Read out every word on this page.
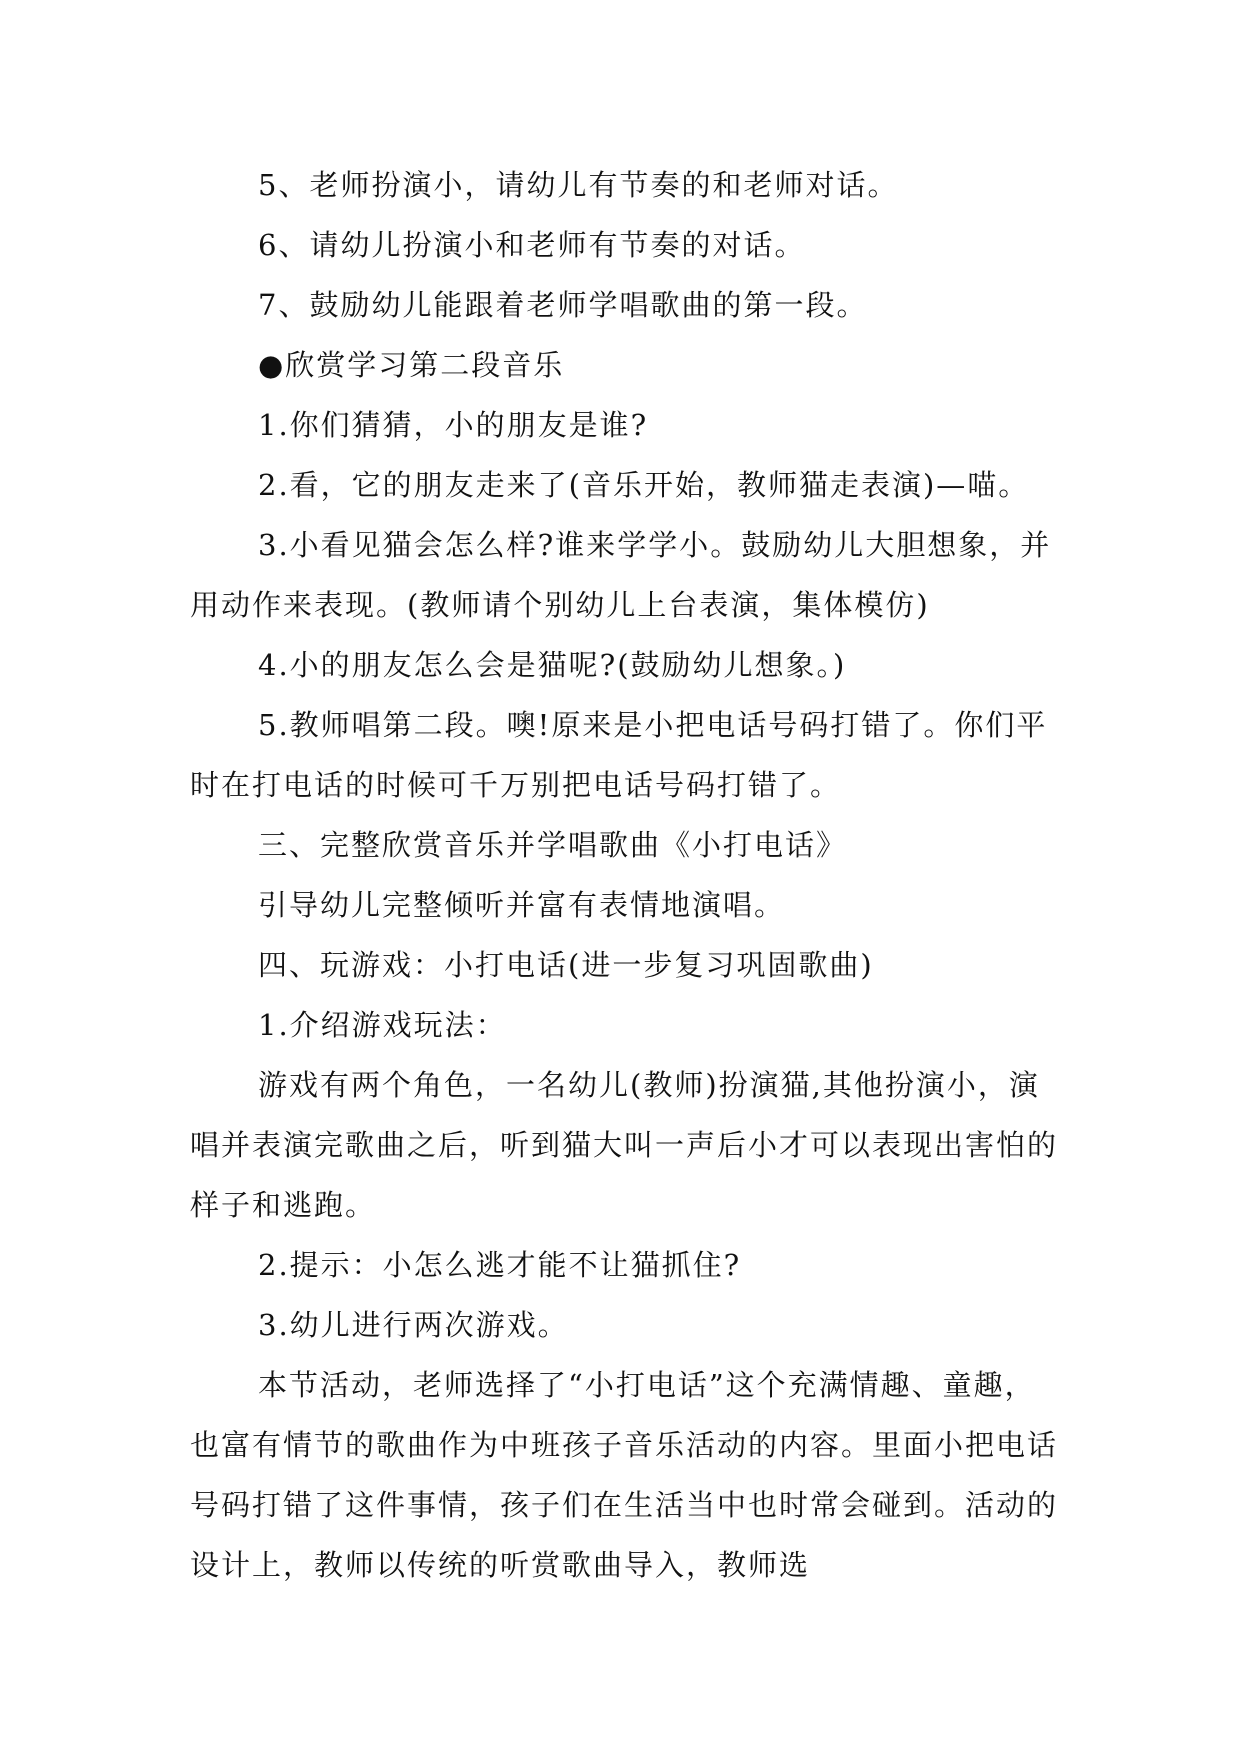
5、老师扮演小，请幼儿有节奏的和老师对话。

6、请幼儿扮演小和老师有节奏的对话。

7、鼓励幼儿能跟着老师学唱歌曲的第一段。

●欣赏学习第二段音乐

1.你们猜猜，小的朋友是谁?

2.看，它的朋友走来了(音乐开始，教师猫走表演)—喵。

3.小看见猫会怎么样?谁来学学小。鼓励幼儿大胆想象，并用动作来表现。(教师请个别幼儿上台表演，集体模仿)

4.小的朋友怎么会是猫呢?(鼓励幼儿想象。)

5.教师唱第二段。噢!原来是小把电话号码打错了。你们平时在打电话的时候可千万别把电话号码打错了。

三、完整欣赏音乐并学唱歌曲《小打电话》

引导幼儿完整倾听并富有表情地演唱。

四、玩游戏：小打电话(进一步复习巩固歌曲)

1.介绍游戏玩法：

游戏有两个角色，一名幼儿(教师)扮演猫,其他扮演小，演唱并表演完歌曲之后，听到猫大叫一声后小才可以表现出害怕的样子和逃跑。

2.提示：小怎么逃才能不让猫抓住?

3.幼儿进行两次游戏。

本节活动，老师选择了“小打电话”这个充满情趣、童趣，也富有情节的歌曲作为中班孩子音乐活动的内容。里面小把电话号码打错了这件事情，孩子们在生活当中也时常会碰到。活动的设计上，教师以传统的听赏歌曲导入，教师选
